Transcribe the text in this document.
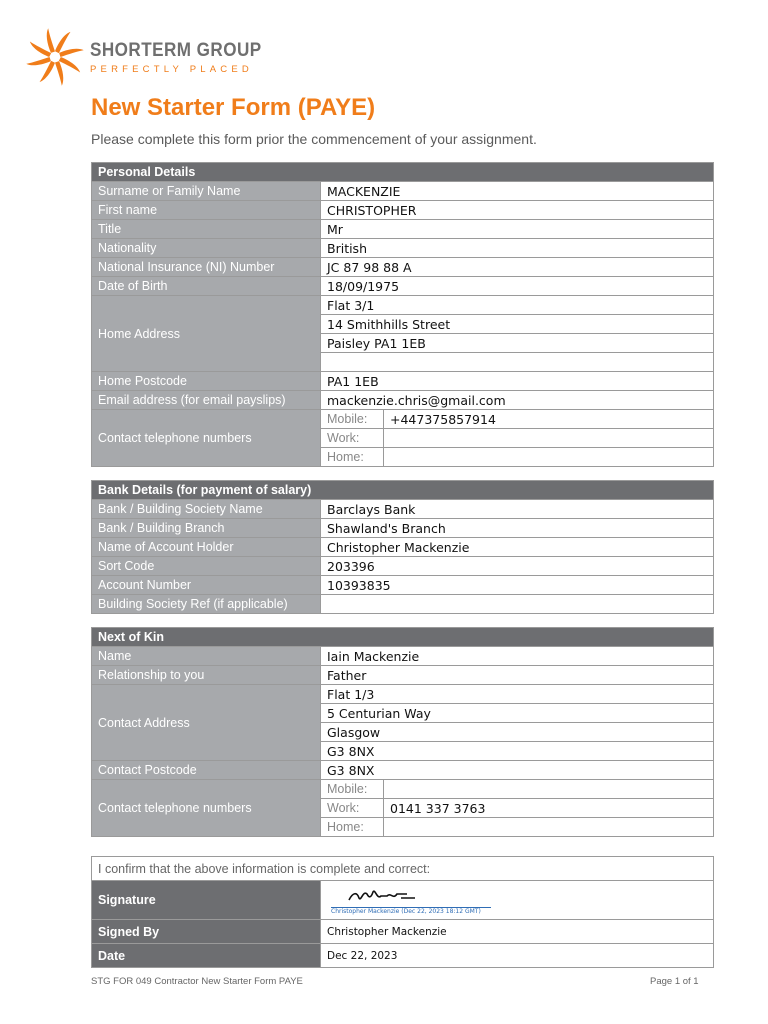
SHORTERM GROUP
PERFECTLY PLACED
New Starter Form (PAYE)
Please complete this form prior the commencement of your assignment.
Personal Details		
Surname or Family Name	MACKENZIE	
First name	CHRISTOPHER	
Title	Mr	
Nationality	British	
National Insurance (NI) Number	JC 87 98 88 A	
Date of Birth	18/09/1975	
Home Address	Flat 3/1	
	14 Smithhills Street	
	Paisley PA1 1EB	

Home Postcode	PA1 1EB	
Email address (for email payslips)	mackenzie.chris@gmail.com	
Contact telephone numbers	Mobile:	+447375857914
	Work:	
	Home:	
Bank Details (for payment of salary)	
Bank / Building Society Name	Barclays Bank
Bank / Building Branch	Shawland's Branch
Name of Account Holder	Christopher Mackenzie
Sort Code	203396
Account Number	10393835
Building Society Ref (if applicable)	
Next of Kin		
Name	Iain Mackenzie	
Relationship to you	Father	
Contact Address	Flat 1/3	
	5 Centurian Way	
	Glasgow	
	G3 8NX	
Contact Postcode	G3 8NX	
Contact telephone numbers	Mobile:	
	Work:	0141 337 3763
	Home:	
I confirm that the above information is complete and correct:	
Signature	Christopher Mackenzie (Dec 22, 2023 18:12 GMT)

Signed By	Christopher Mackenzie
Date	Dec 22, 2023
STG FOR 049 Contractor New Starter Form PAYE	Page 1 of 1
